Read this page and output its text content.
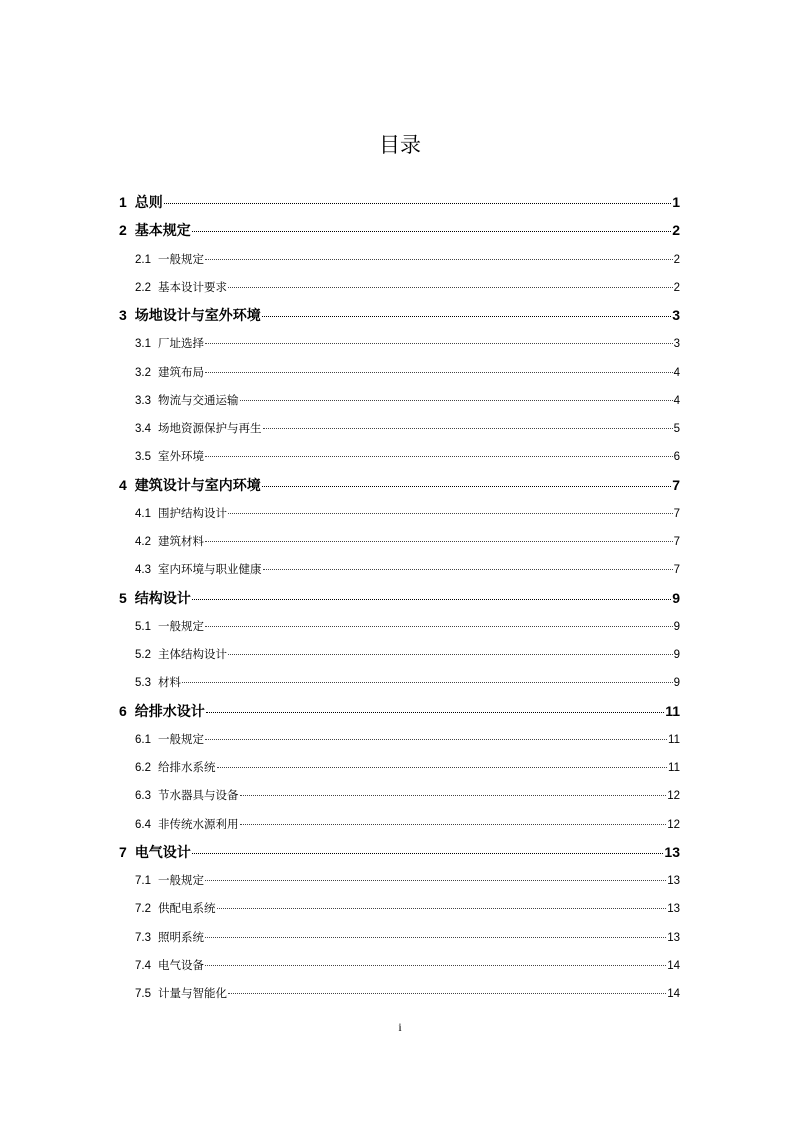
目录
1 总则	1
2 基本规定	2
2.1 一般规定	2
2.2 基本设计要求	2
3 场地设计与室外环境	3
3.1 厂址选择	3
3.2 建筑布局	4
3.3 物流与交通运输	4
3.4 场地资源保护与再生	5
3.5 室外环境	6
4 建筑设计与室内环境	7
4.1 围护结构设计	7
4.2 建筑材料	7
4.3 室内环境与职业健康	7
5 结构设计	9
5.1 一般规定	9
5.2 主体结构设计	9
5.3 材料	9
6 给排水设计	11
6.1 一般规定	11
6.2 给排水系统	11
6.3 节水器具与设备	12
6.4 非传统水源利用	12
7 电气设计	13
7.1 一般规定	13
7.2 供配电系统	13
7.3 照明系统	13
7.4 电气设备	14
7.5 计量与智能化	14
i
